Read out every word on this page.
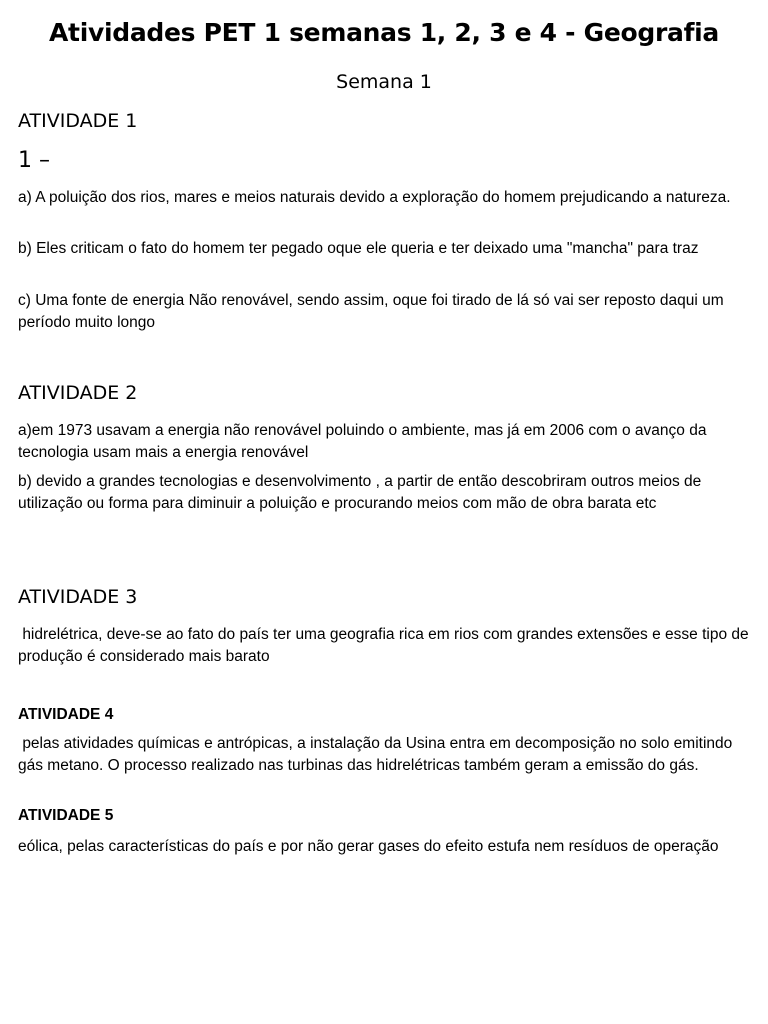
Atividades PET 1 semanas 1, 2, 3 e 4 - Geografia
Semana 1
ATIVIDADE 1
1 –
a) A poluição dos rios, mares e meios naturais devido a exploração do homem prejudicando a natureza.
b) Eles criticam o fato do homem ter pegado oque ele queria e ter deixado uma "mancha" para traz
c) Uma fonte de energia Não renovável, sendo assim, oque foi tirado de lá só vai ser reposto daqui um período muito longo
ATIVIDADE 2
a)em 1973 usavam a energia não renovável poluindo o ambiente, mas já em 2006 com o avanço da tecnologia usam mais a energia renovável
b) devido a grandes tecnologias e desenvolvimento , a partir de então descobriram outros meios de utilização ou forma para diminuir a poluição e procurando meios com mão de obra barata etc
ATIVIDADE 3
hidrelétrica, deve-se ao fato do país ter uma geografia rica em rios com grandes extensões e esse tipo de produção é considerado mais barato
ATIVIDADE 4
pelas atividades químicas e antrópicas, a instalação da Usina entra em decomposição no solo emitindo gás metano. O processo realizado nas turbinas das hidrelétricas também geram a emissão do gás.
ATIVIDADE 5
eólica, pelas características do país e por não gerar gases do efeito estufa nem resíduos de operação
